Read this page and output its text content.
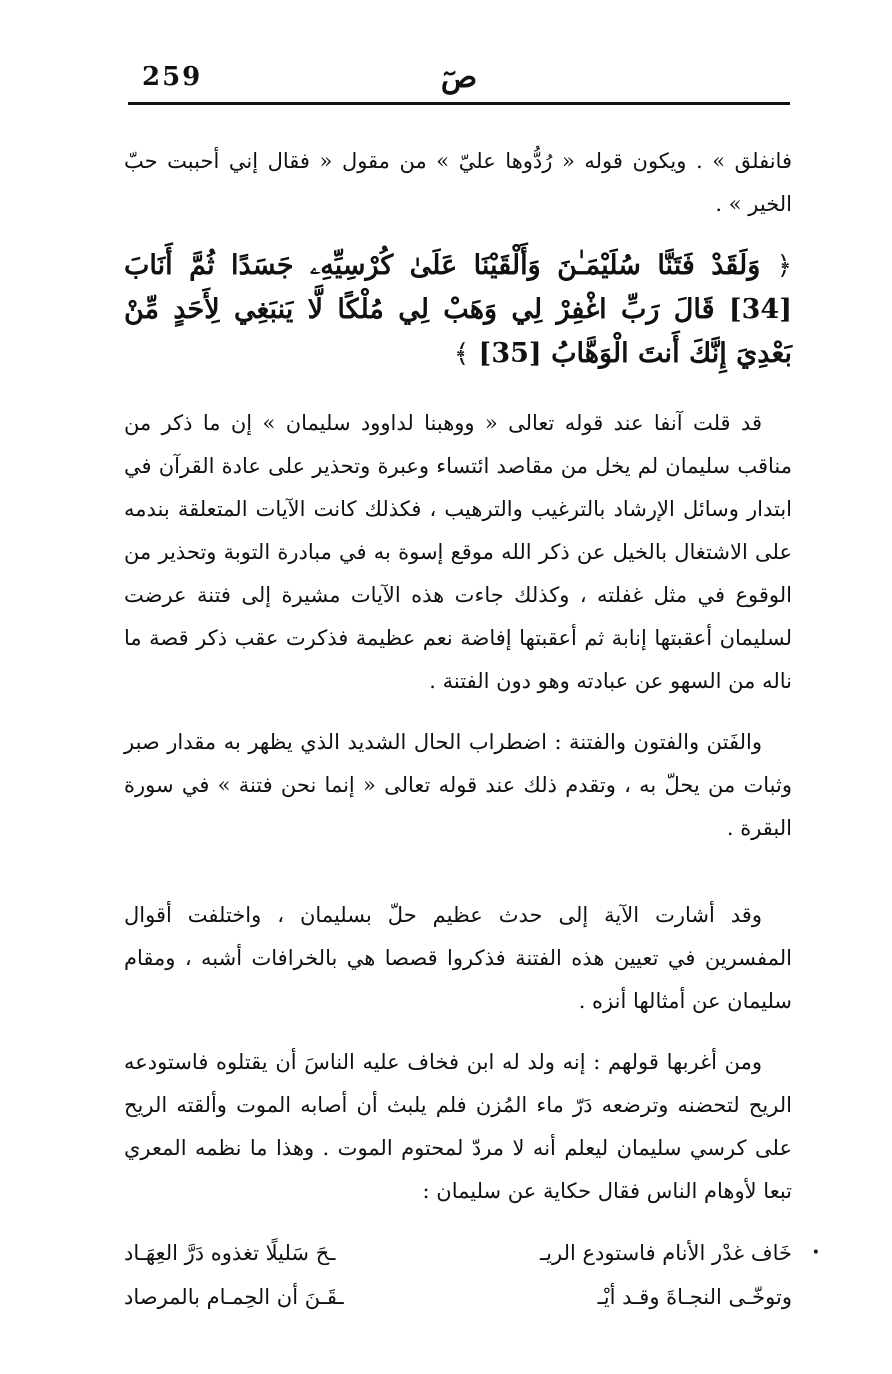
259	صٓ

فانفلق » . ويكون قوله « رُدُّوها عليّ » من مقول « فقال إني أحببت حبّ الخير » .

﴿ وَلَقَدْ فَتَنَّا سُلَيْمَـٰنَ وَأَلْقَيْنَا عَلَىٰ كُرْسِيِّهِۦ جَسَدًا ثُمَّ أَنَابَ [34] قَالَ رَبِّ اغْفِرْ لِي وَهَبْ لِي مُلْكًا لَّا يَنبَغِي لِأَحَدٍ مِّنْ بَعْدِيَ إِنَّكَ أَنتَ الْوَهَّابُ [35] ﴾

قد قلت آنفا عند قوله تعالى « ووهبنا لداوود سليمان » إن ما ذكر من مناقب سليمان لم يخل من مقاصد ائتساء وعبرة وتحذير على عادة القرآن في ابتدار وسائل الإرشاد بالترغيب والترهيب ، فكذلك كانت الآيات المتعلقة بندمه على الاشتغال بالخيل عن ذكر الله موقع إسوة به في مبادرة التوبة وتحذير من الوقوع في مثل غفلته ، وكذلك جاءت هذه الآيات مشيرة إلى فتنة عرضت لسليمان أعقبتها إنابة ثم أعقبتها إفاضة نعم عظيمة فذكرت عقب ذكر قصة ما ناله من السهو عن عبادته وهو دون الفتنة .

والفَتن والفتون والفتنة : اضطراب الحال الشديد الذي يظهر به مقدار صبر وثبات من يحلّ به ، وتقدم ذلك عند قوله تعالى « إنما نحن فتنة » في سورة البقرة .

وقد أشارت الآية إلى حدث عظيم حلّ بسليمان ، واختلفت أقوال المفسرين في تعيين هذه الفتنة فذكروا قصصا هي بالخرافات أشبه ، ومقام سليمان عن أمثالها أنزه .

ومن أغربها قولهم : إنه ولد له ابن فخاف عليه الناسَ أن يقتلوه فاستودعه الريح لتحضنه وترضعه دَرّ ماء المُزن فلم يلبث أن أصابه الموت وألقته الريح على كرسي سليمان ليعلم أنه لا مردّ لمحتوم الموت . وهذا ما نظمه المعري تبعا لأوهام الناس فقال حكاية عن سليمان :

•
خَاف غدْر الأنام فاستودع الريـ
ـحَ سَليلًا تغذوه دَرَّ العِهَـاد
وتوخّـى النجـاةَ وقـد أيْـ
ـقَـنَ أن الحِمـام بالمرصاد
